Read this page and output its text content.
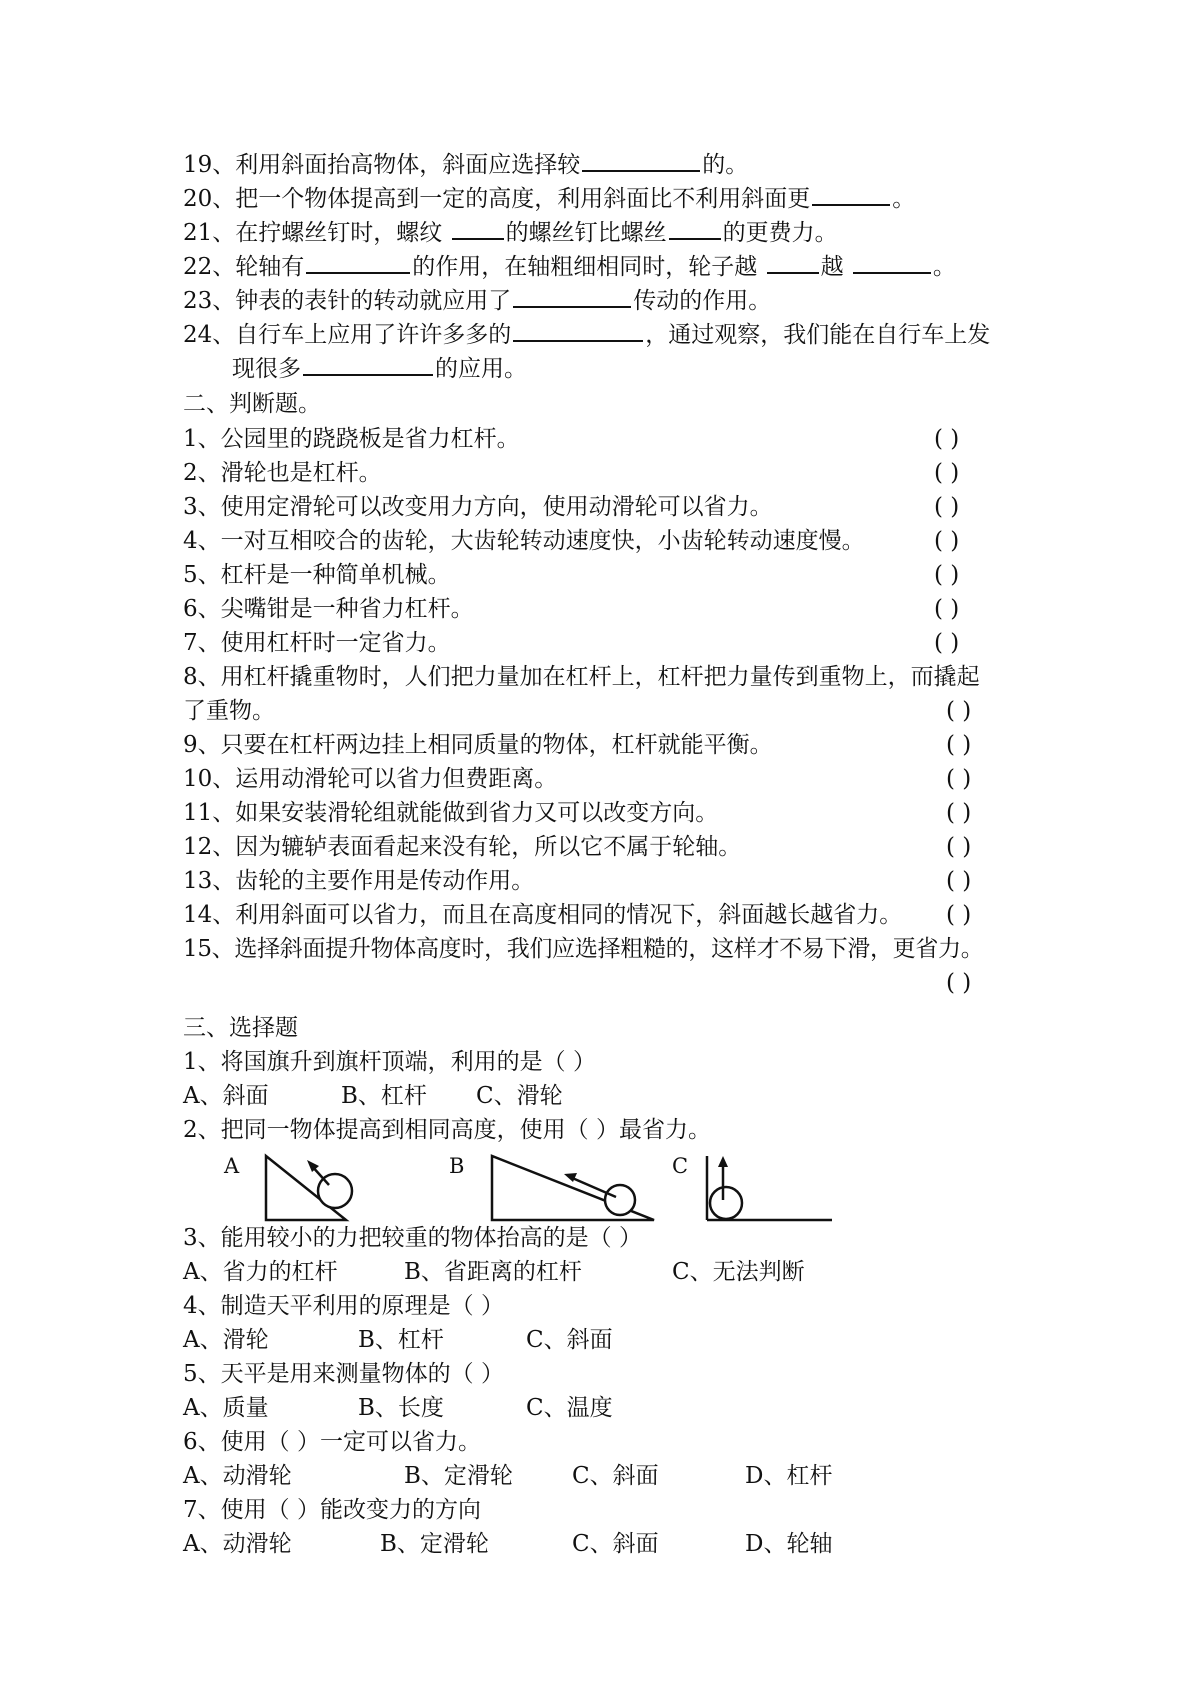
19、利用斜面抬高物体，斜面应选择较	的。
20、把一个物体提高到一定的高度，利用斜面比不利用斜面更	。
21、在拧螺丝钉时，螺纹 的螺丝钉比螺丝 的更费力。
22、轮轴有	的作用，在轴粗细相同时，轮子越 越	。
23、钟表的表针的转动就应用了	传动的作用。
24、自行车上应用了许许多多的	，通过观察，我们能在自行车上发
现很多	的应用。
二、判断题。
1、公园里的跷跷板是省力杠杆。	( )
2、滑轮也是杠杆。	( )
3、使用定滑轮可以改变用力方向，使用动滑轮可以省力。	( )
4、一对互相咬合的齿轮，大齿轮转动速度快，小齿轮转动速度慢。	( )
5、杠杆是一种简单机械。	( )
6、尖嘴钳是一种省力杠杆。	( )
7、使用杠杆时一定省力。	( )
8、用杠杆撬重物时，人们把力量加在杠杆上，杠杆把力量传到重物上，而撬起
了重物。	( )
9、只要在杠杆两边挂上相同质量的物体，杠杆就能平衡。	( )
10、运用动滑轮可以省力但费距离。	( )
11、如果安装滑轮组就能做到省力又可以改变方向。	( )
12、因为辘轳表面看起来没有轮，所以它不属于轮轴。	( )
13、齿轮的主要作用是传动作用。	( )
14、利用斜面可以省力，而且在高度相同的情况下，斜面越长越省力。 ( )
15、选择斜面提升物体高度时，我们应选择粗糙的，这样才不易下滑，更省力。
( )
三、选择题
1、将国旗升到旗杆顶端，利用的是（ ）
A、斜面	B、杠杆 C、滑轮
2、把同一物体提高到相同高度，使用（ ）最省力。
A	B	C
3、能用较小的力把较重的物体抬高的是（ ）
A、省力的杠杆	B、省距离的杠杆	C、无法判断
4、制造天平利用的原理是（ ）
A、滑轮	B、杠杆	C、斜面
5、天平是用来测量物体的（ ）
A、质量	B、长度	C、温度
6、使用（ ）一定可以省力。
A、动滑轮	B、定滑轮	C、斜面	D、杠杆
7、使用（ ）能改变力的方向
A、动滑轮	B、定滑轮	C、斜面	D、轮轴
